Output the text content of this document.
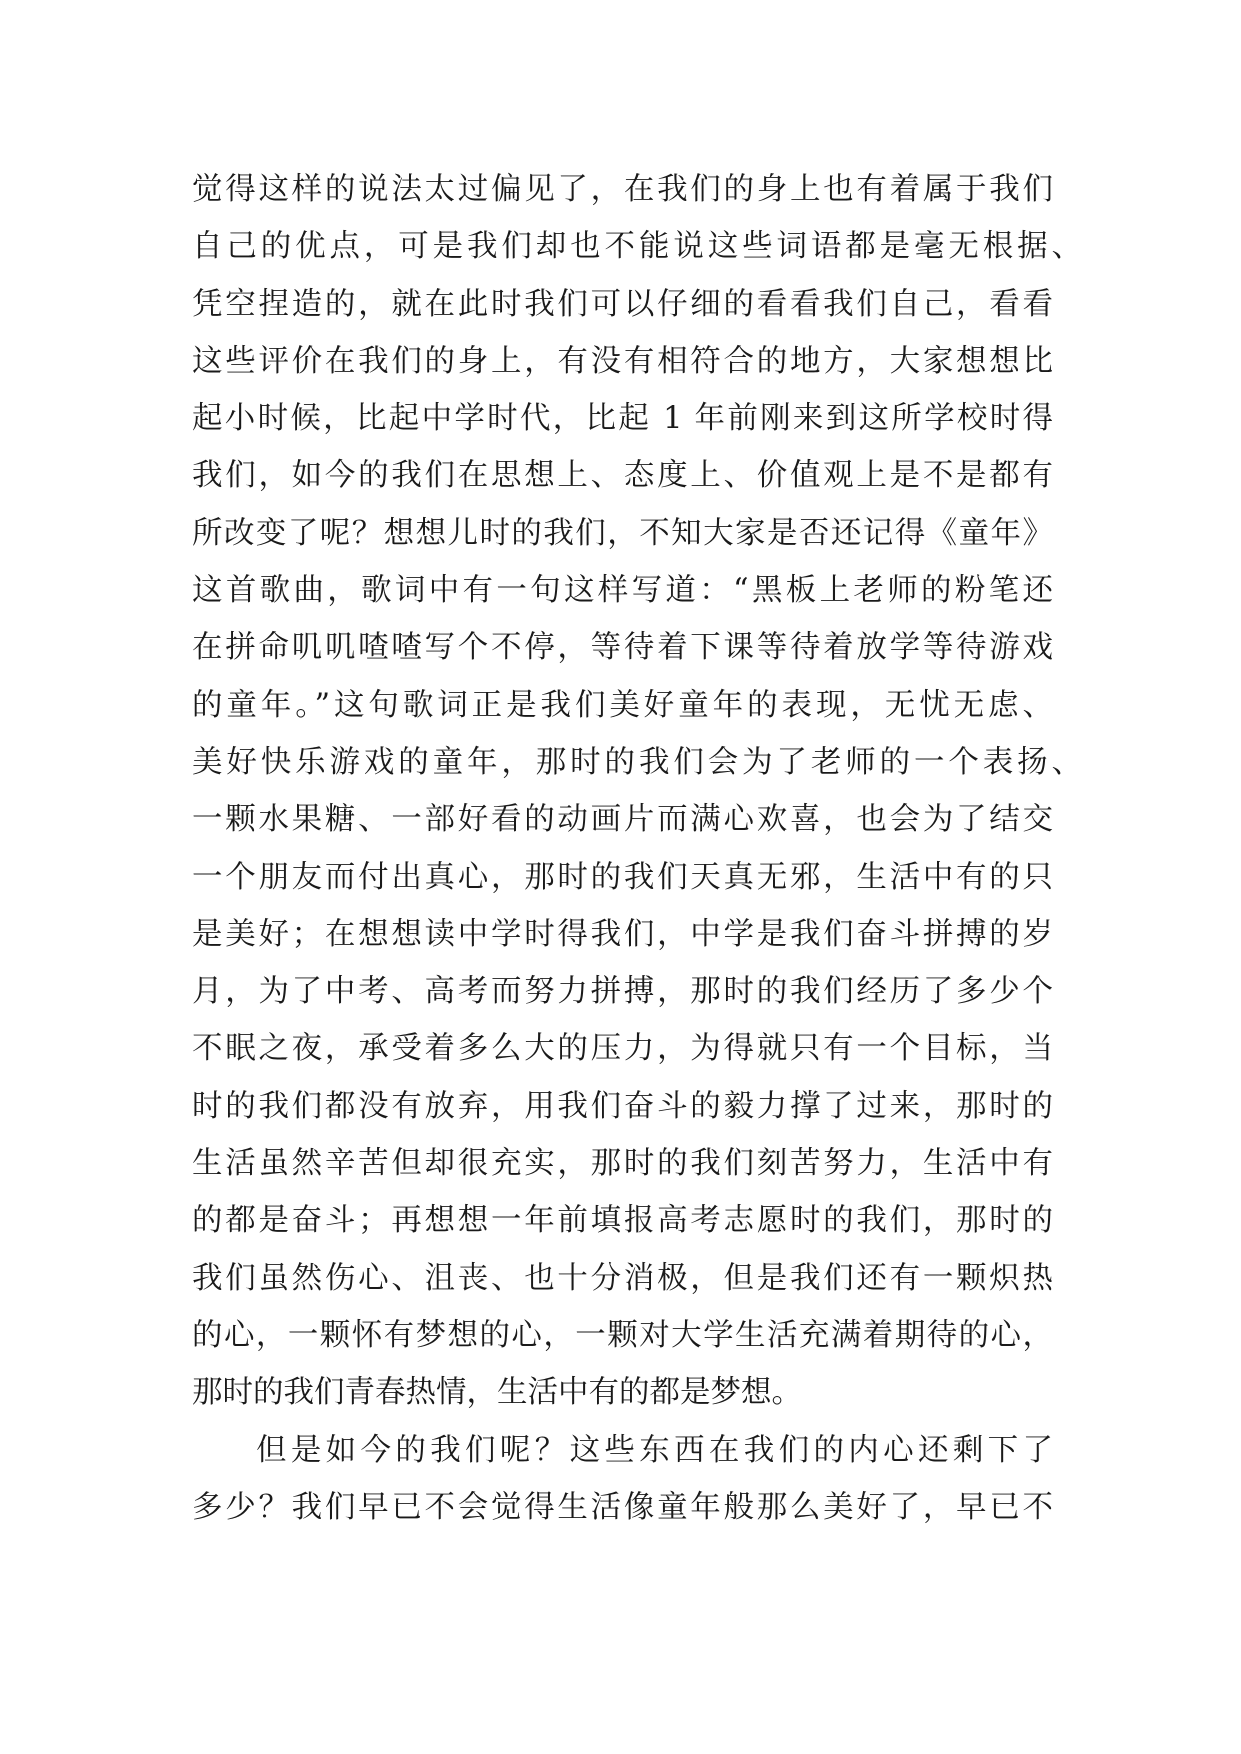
觉得这样的说法太过偏见了，在我们的身上也有着属于我们
自己的优点，可是我们却也不能说这些词语都是毫无根据、
凭空捏造的，就在此时我们可以仔细的看看我们自己，看看
这些评价在我们的身上，有没有相符合的地方，大家想想比
起小时候，比起中学时代，比起 1 年前刚来到这所学校时得
我们，如今的我们在思想上、态度上、价值观上是不是都有
所改变了呢？想想儿时的我们，不知大家是否还记得《童年》
这首歌曲，歌词中有一句这样写道：“黑板上老师的粉笔还
在拼命叽叽喳喳写个不停，等待着下课等待着放学等待游戏
的童年。”这句歌词正是我们美好童年的表现，无忧无虑、
美好快乐游戏的童年，那时的我们会为了老师的一个表扬、
一颗水果糖、一部好看的动画片而满心欢喜，也会为了结交
一个朋友而付出真心，那时的我们天真无邪，生活中有的只
是美好；在想想读中学时得我们，中学是我们奋斗拼搏的岁
月，为了中考、高考而努力拼搏，那时的我们经历了多少个
不眠之夜，承受着多么大的压力，为得就只有一个目标，当
时的我们都没有放弃，用我们奋斗的毅力撑了过来，那时的
生活虽然辛苦但却很充实，那时的我们刻苦努力，生活中有
的都是奋斗；再想想一年前填报高考志愿时的我们，那时的
我们虽然伤心、沮丧、也十分消极，但是我们还有一颗炽热
的心，一颗怀有梦想的心，一颗对大学生活充满着期待的心，
那时的我们青春热情，生活中有的都是梦想。
但是如今的我们呢？这些东西在我们的内心还剩下了
多少？我们早已不会觉得生活像童年般那么美好了，早已不
